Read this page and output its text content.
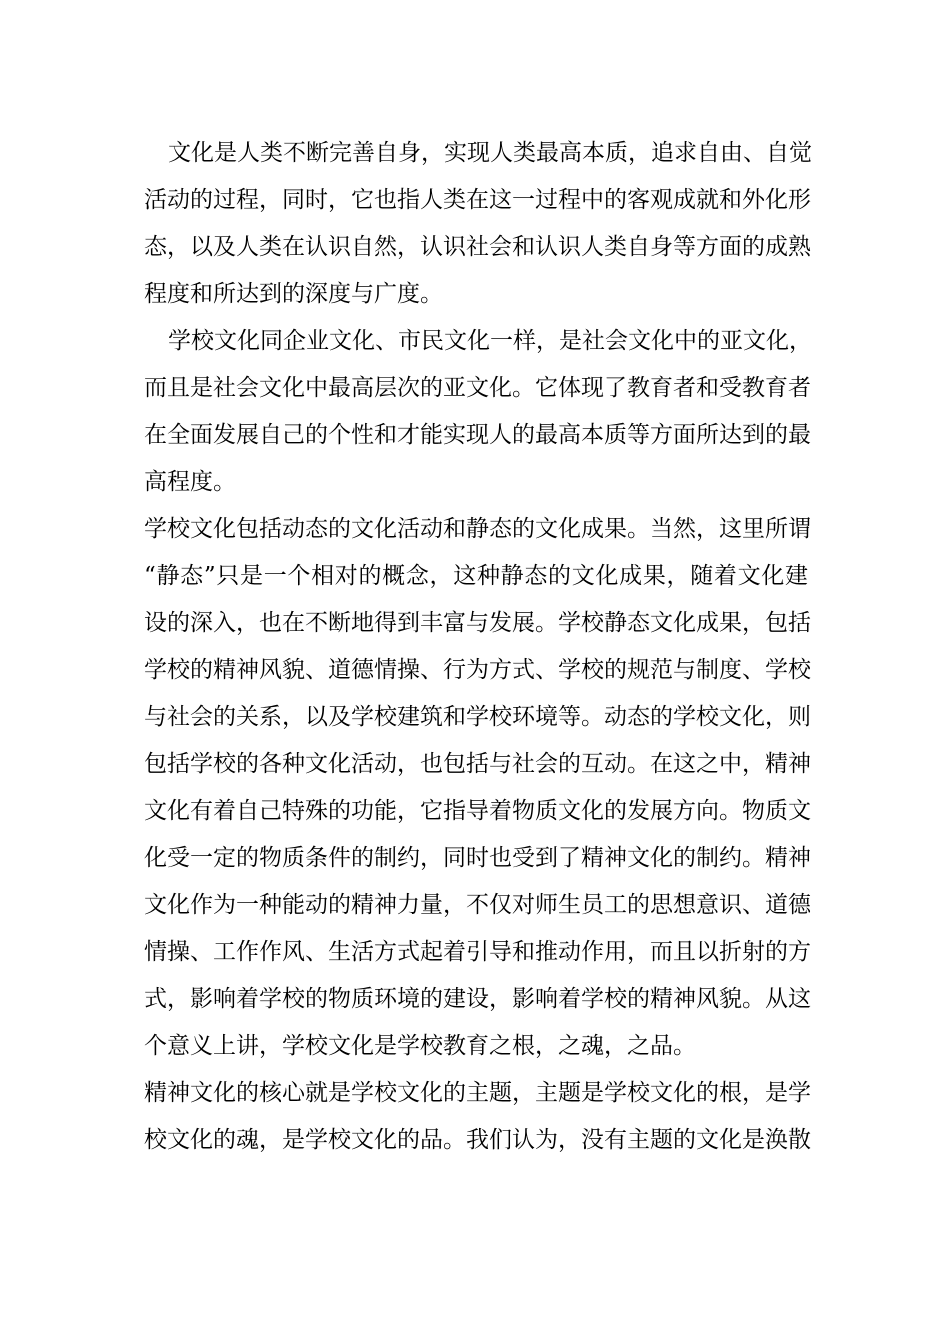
文化是人类不断完善自身，实现人类最高本质，追求自由、自觉
活动的过程，同时，它也指人类在这一过程中的客观成就和外化形
态，以及人类在认识自然，认识社会和认识人类自身等方面的成熟
程度和所达到的深度与广度。
学校文化同企业文化、市民文化一样，是社会文化中的亚文化，
而且是社会文化中最高层次的亚文化。它体现了教育者和受教育者
在全面发展自己的个性和才能实现人的最高本质等方面所达到的最
高程度。
学校文化包括动态的文化活动和静态的文化成果。当然，这里所谓
“静态”只是一个相对的概念，这种静态的文化成果，随着文化建
设的深入，也在不断地得到丰富与发展。学校静态文化成果，包括
学校的精神风貌、道德情操、行为方式、学校的规范与制度、学校
与社会的关系，以及学校建筑和学校环境等。动态的学校文化，则
包括学校的各种文化活动，也包括与社会的互动。在这之中，精神
文化有着自己特殊的功能，它指导着物质文化的发展方向。物质文
化受一定的物质条件的制约，同时也受到了精神文化的制约。精神
文化作为一种能动的精神力量，不仅对师生员工的思想意识、道德
情操、工作作风、生活方式起着引导和推动作用，而且以折射的方
式，影响着学校的物质环境的建设，影响着学校的精神风貌。从这
个意义上讲，学校文化是学校教育之根，之魂，之品。
精神文化的核心就是学校文化的主题，主题是学校文化的根，是学
校文化的魂，是学校文化的品。我们认为，没有主题的文化是涣散
